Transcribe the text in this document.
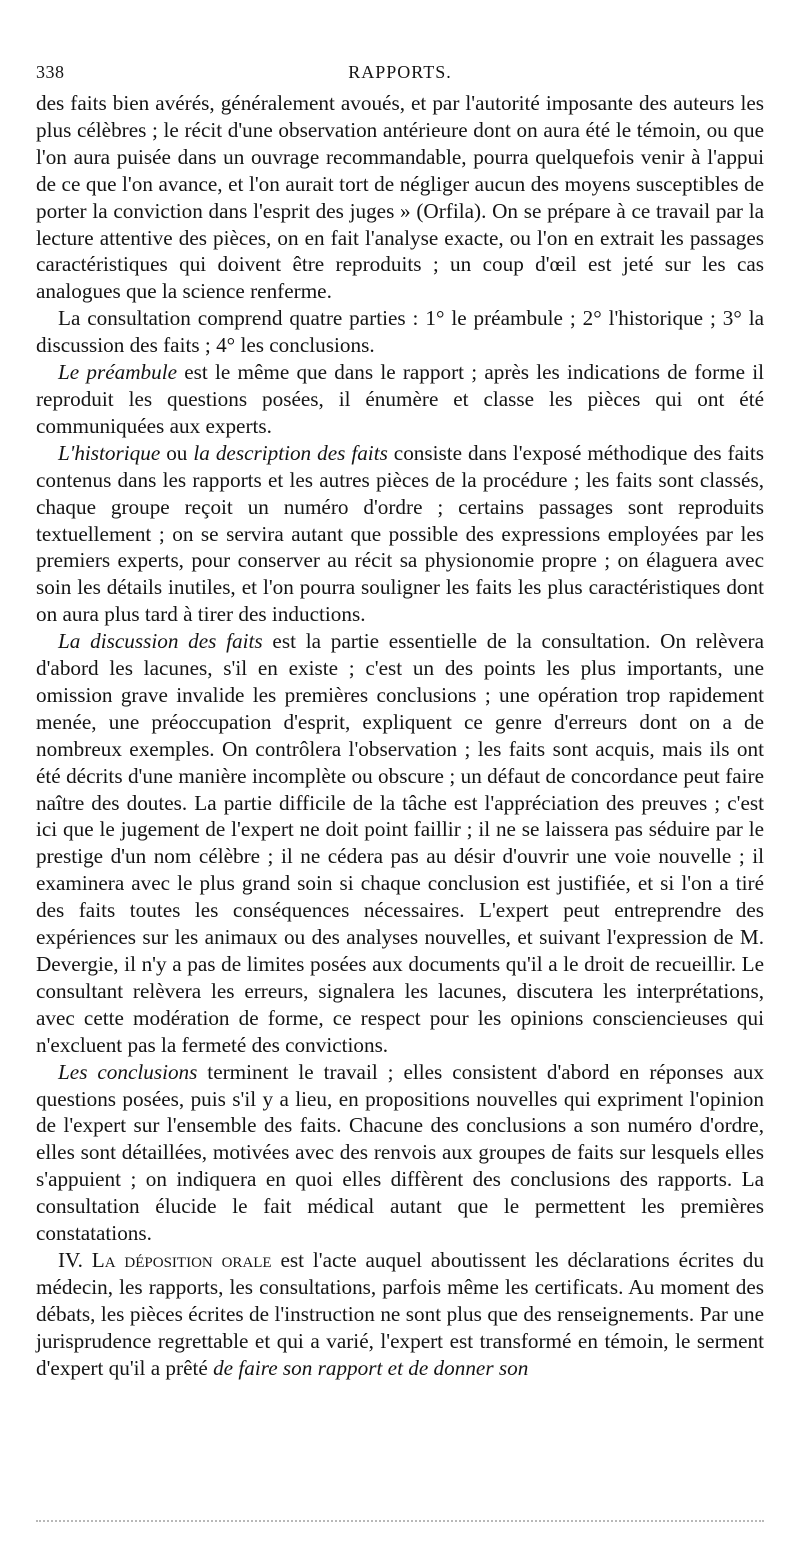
338	RAPPORTS.

des faits bien avérés, généralement avoués, et par l'autorité imposante des auteurs les plus célèbres ; le récit d'une observation antérieure dont on aura été le témoin, ou que l'on aura puisée dans un ouvrage recommandable, pourra quelquefois venir à l'appui de ce que l'on avance, et l'on aurait tort de négliger aucun des moyens susceptibles de porter la conviction dans l'esprit des juges » (Orfila). On se prépare à ce travail par la lecture attentive des pièces, on en fait l'analyse exacte, ou l'on en extrait les passages caractéristiques qui doivent être reproduits ; un coup d'œil est jeté sur les cas analogues que la science renferme.

La consultation comprend quatre parties : 1° le préambule ; 2° l'historique ; 3° la discussion des faits ; 4° les conclusions.

Le préambule est le même que dans le rapport ; après les indications de forme il reproduit les questions posées, il énumère et classe les pièces qui ont été communiquées aux experts.

L'historique ou la description des faits consiste dans l'exposé méthodique des faits contenus dans les rapports et les autres pièces de la procédure ; les faits sont classés, chaque groupe reçoit un numéro d'ordre ; certains passages sont reproduits textuellement ; on se servira autant que possible des expressions employées par les premiers experts, pour conserver au récit sa physionomie propre ; on élaguera avec soin les détails inutiles, et l'on pourra souligner les faits les plus caractéristiques dont on aura plus tard à tirer des inductions.

La discussion des faits est la partie essentielle de la consultation. On relèvera d'abord les lacunes, s'il en existe ; c'est un des points les plus importants, une omission grave invalide les premières conclusions ; une opération trop rapidement menée, une préoccupation d'esprit, expliquent ce genre d'erreurs dont on a de nombreux exemples. On contrôlera l'observation ; les faits sont acquis, mais ils ont été décrits d'une manière incomplète ou obscure ; un défaut de concordance peut faire naître des doutes. La partie difficile de la tâche est l'appréciation des preuves ; c'est ici que le jugement de l'expert ne doit point faillir ; il ne se laissera pas séduire par le prestige d'un nom célèbre ; il ne cédera pas au désir d'ouvrir une voie nouvelle ; il examinera avec le plus grand soin si chaque conclusion est justifiée, et si l'on a tiré des faits toutes les conséquences nécessaires. L'expert peut entreprendre des expériences sur les animaux ou des analyses nouvelles, et suivant l'expression de M. Devergie, il n'y a pas de limites posées aux documents qu'il a le droit de recueillir. Le consultant relèvera les erreurs, signalera les lacunes, discutera les interprétations, avec cette modération de forme, ce respect pour les opinions consciencieuses qui n'excluent pas la fermeté des convictions.

Les conclusions terminent le travail ; elles consistent d'abord en réponses aux questions posées, puis s'il y a lieu, en propositions nouvelles qui expriment l'opinion de l'expert sur l'ensemble des faits. Chacune des conclusions a son numéro d'ordre, elles sont détaillées, motivées avec des renvois aux groupes de faits sur lesquels elles s'appuient ; on indiquera en quoi elles diffèrent des conclusions des rapports. La consultation élucide le fait médical autant que le permettent les premières constatations.

IV. La déposition orale est l'acte auquel aboutissent les déclarations écrites du médecin, les rapports, les consultations, parfois même les certificats. Au moment des débats, les pièces écrites de l'instruction ne sont plus que des renseignements. Par une jurisprudence regrettable et qui a varié, l'expert est transformé en témoin, le serment d'expert qu'il a prêté de faire son rapport et de donner son
